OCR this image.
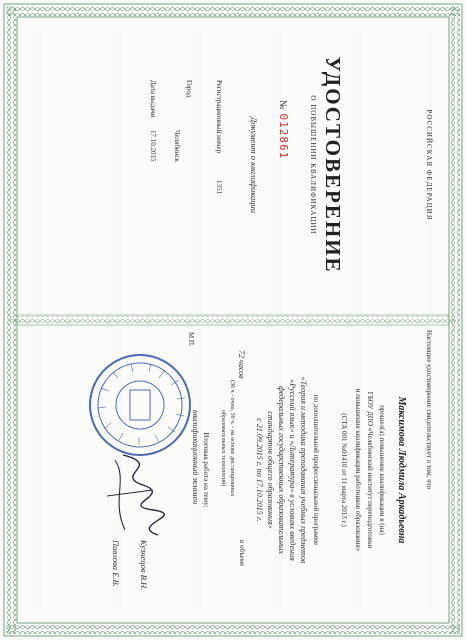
РОССИЙСКАЯ ФЕДЕРАЦИЯ
УДОСТОВЕРЕНИЕ
О ПОВЫШЕНИИ КВАЛИФИКАЦИИ
№ 012861
Документ о квалификации
Регистрационный номер
1351
Город
Челябинск
Дата выдачи
17.10.2015
Настоящее удостоверение свидетельствует о том, что
Максимова Людмила Аркадьевна
прошел(а) повышение квалификации в (на)
ГБОУ ДПО «Челябинский институт переподготовки
и повышения квалификации работников образования»
(СТА 001 №01410 от 11 марта 2013 г.)
по дополнительной профессиональной программе
«Теория и методика преподавания учебных предметов
«Русский язык» и «Литература» в условиях введения
федеральных государственных образовательных
стандартов общего образования»
с 21.09.2015 г. по 17.10.2015 г.
72 часов
в объеме
(36 ч.- очно, 36 ч. - на основе дистанционных
образовательных технологий)
Итоговая работа на тему:
квалификационный экзамен
М.П.
Кузнецов В.Н.
Павлова Е.В.
